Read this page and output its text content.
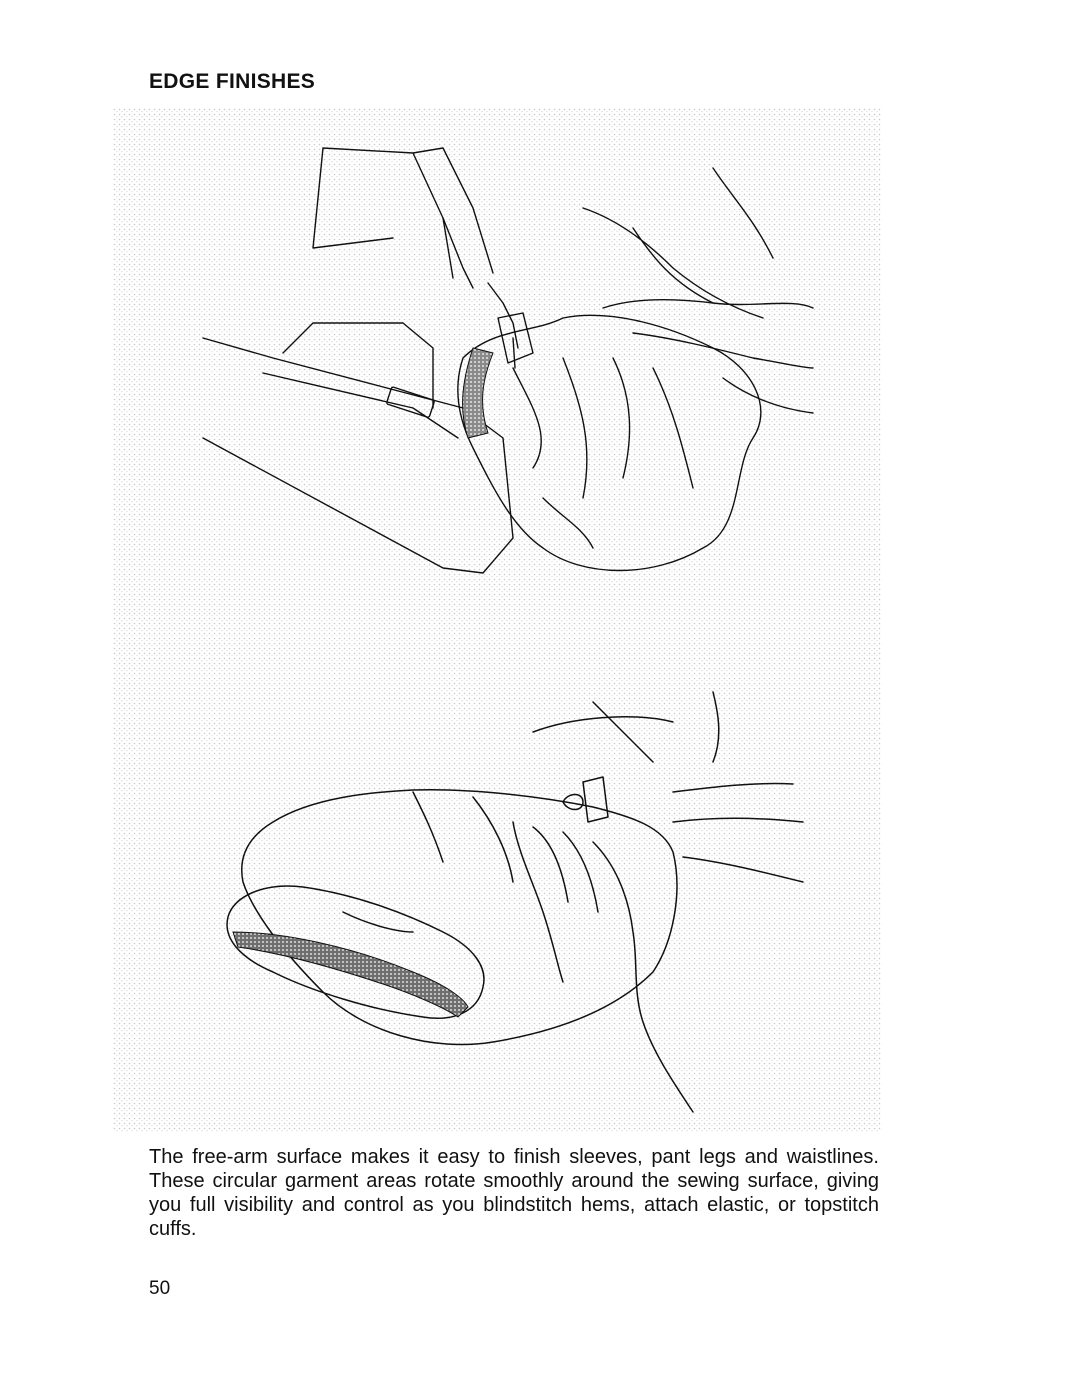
EDGE FINISHES

The free-arm surface makes it easy to finish sleeves, pant legs and waistlines. These circular garment areas rotate smoothly around the sewing surface, giving you full visibility and control as you blindstitch hems, attach elastic, or topstitch cuffs.

50
